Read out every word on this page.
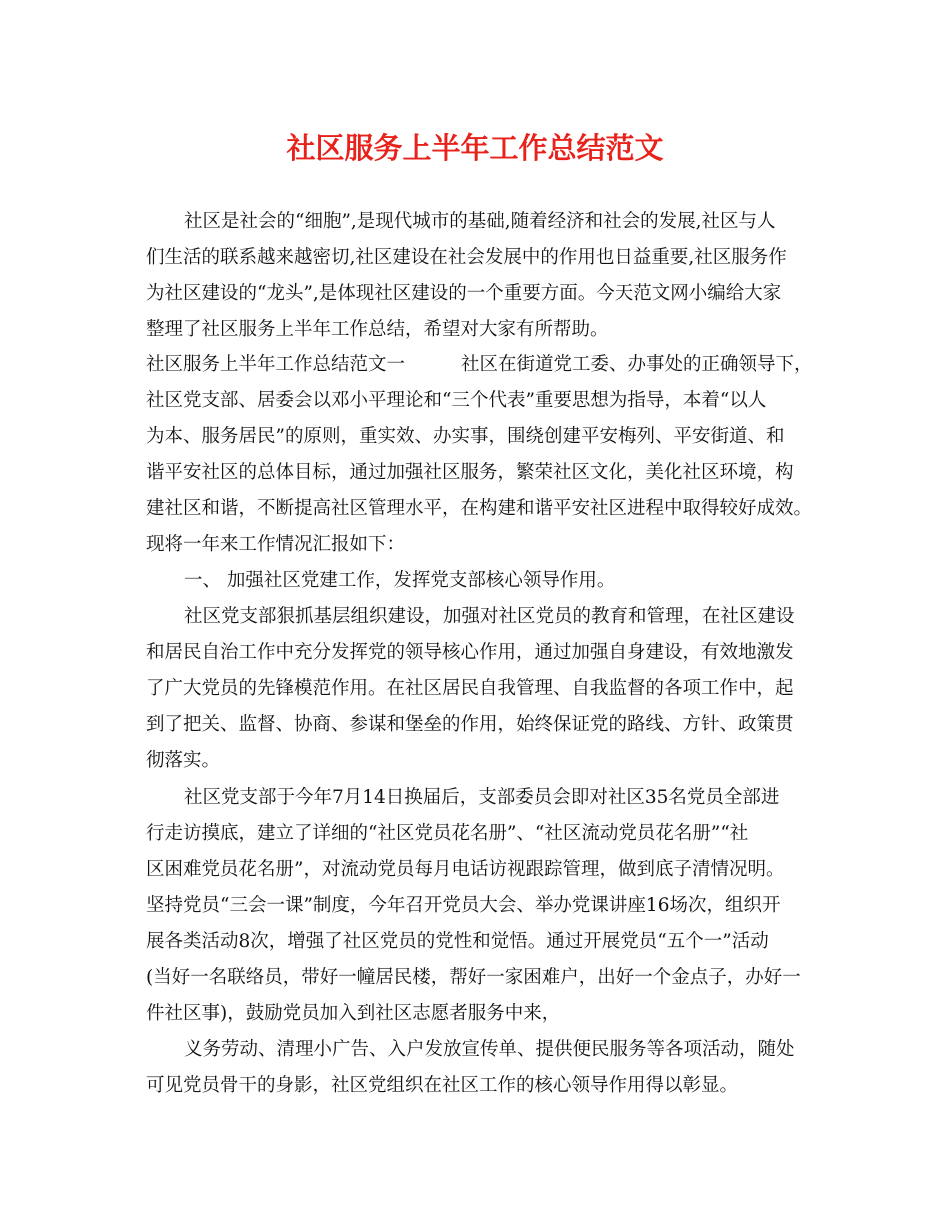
社区服务上半年工作总结范文

社区是社会的“细胞”,是现代城市的基础,随着经济和社会的发展,社区与人

们生活的联系越来越密切,社区建设在社会发展中的作用也日益重要,社区服务作

为社区建设的“龙头”,是体现社区建设的一个重要方面。今天范文网小编给大家

整理了社区服务上半年工作总结，希望对大家有所帮助。

社区服务上半年工作总结范文一	社区在街道党工委、办事处的正确领导下，

社区党支部、居委会以邓小平理论和“三个代表”重要思想为指导，本着“以人

为本、服务居民”的原则，重实效、办实事，围绕创建平安梅列、平安街道、和

谐平安社区的总体目标，通过加强社区服务，繁荣社区文化，美化社区环境，构

建社区和谐，不断提高社区管理水平，在构建和谐平安社区进程中取得较好成效。

现将一年来工作情况汇报如下：

一、 加强社区党建工作，发挥党支部核心领导作用。

社区党支部狠抓基层组织建设，加强对社区党员的教育和管理，在社区建设

和居民自治工作中充分发挥党的领导核心作用，通过加强自身建设，有效地激发

了广大党员的先锋模范作用。在社区居民自我管理、自我监督的各项工作中，起

到了把关、监督、协商、参谋和堡垒的作用，始终保证党的路线、方针、政策贯

彻落实。

社区党支部于今年7月14日换届后，支部委员会即对社区35名党员全部进

行走访摸底，建立了详细的“社区党员花名册”、“社区流动党员花名册”“社

区困难党员花名册”，对流动党员每月电话访视跟踪管理，做到底子清情况明。

坚持党员“三会一课”制度，今年召开党员大会、举办党课讲座16场次，组织开

展各类活动8次，增强了社区党员的党性和觉悟。通过开展党员“五个一”活动

(当好一名联络员，带好一幢居民楼，帮好一家困难户，出好一个金点子，办好一

件社区事)，鼓励党员加入到社区志愿者服务中来，

义务劳动、清理小广告、入户发放宣传单、提供便民服务等各项活动，随处

可见党员骨干的身影，社区党组织在社区工作的核心领导作用得以彰显。
